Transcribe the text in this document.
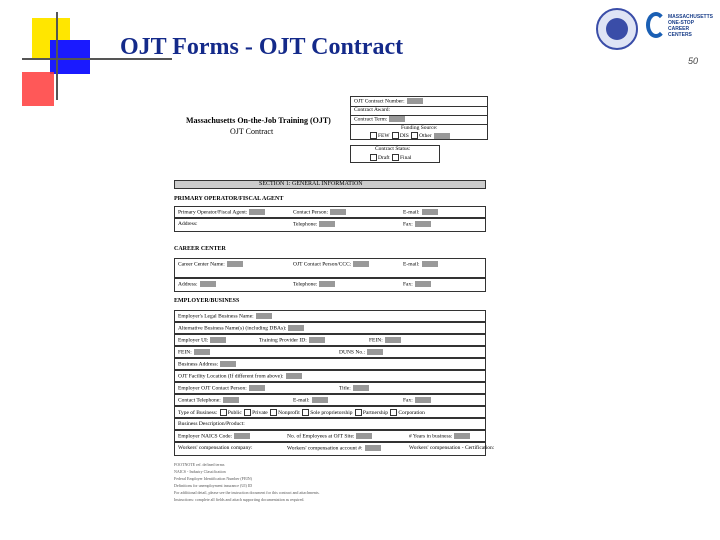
OJT Forms - OJT Contract
MASSACHUSETTS ONE-STOP CAREER CENTERS
50
Massachusetts On-the-Job Training (OJT)
OJT Contract
OJT Contract Number:
Contract Award:
Contract Term:
Funding Source:
FEW DIS Other
Contract Status:
Draft Final
SECTION 1: GENERAL INFORMATION
PRIMARY OPERATOR/FISCAL AGENT
Primary Operator/Fiscal Agent:	Contact Person:	E-mail:
Address:	Telephone:	Fax:
CAREER CENTER
Career Center Name:	OJT Contact Person/CCC:	E-mail:
Address:	Telephone:	Fax:
EMPLOYER/BUSINESS
Employer's Legal Business Name:
Alternative Business Name(s) (including DBAs):
Employer UI:	Training Provider ID:	FEIN:
FEIN:	DUNS No.:
Business Address:
OJT Facility Location (If different from above):
Employer OJT Contact Person:	Title:
Contact Telephone:	E-mail:	Fax:
Type of Business: Public Private Nonprofit Sole proprietorship Partnership Corporation
Business Description/Product:
Employer NAICS Code:	No. of Employees at OJT Site:	# Years in business:
Workers' compensation company:	Workers' compensation account #:	Workers' compensation - Certification:
FOOTNOTE ref. defined terms
NAICS - Industry Classification
Federal Employer Identification Number (FEIN)
Definitions for unemployment insurance (UI) ID
For additional detail, please see the instruction document for this contract and attachments.
Instructions: complete all fields and attach supporting documentation as required.
